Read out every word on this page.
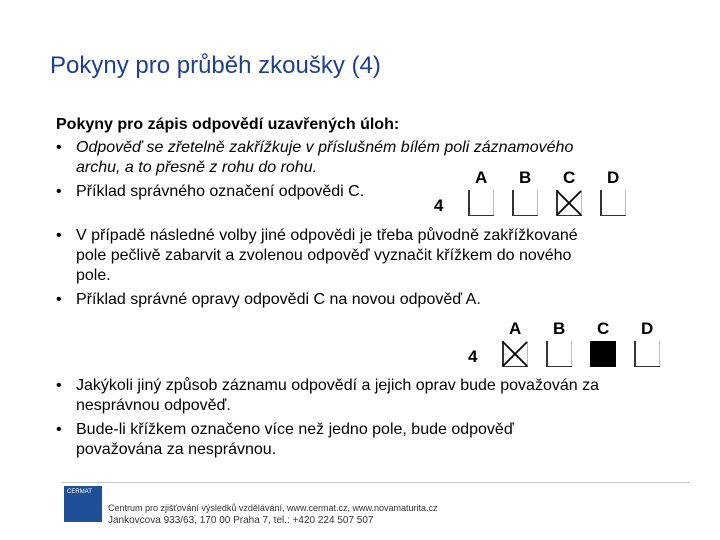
Pokyny pro průběh zkoušky (4)

Pokyny pro zápis odpovědí uzavřených úloh:

• Odpověď se zřetelně zakřížkuje v příslušném bílém poli záznamového
archu, a to přesně z rohu do rohu.
• Příklad správného označení odpovědi C.
4
A B C D
• V případě následné volby jiné odpovědi je třeba původně zakřížkované
pole pečlivě zabarvit a zvolenou odpověď vyznačit křížkem do nového
pole.
• Příklad správné opravy odpovědi C na novou odpověď A.
4
A B C D
• Jakýkoli jiný způsob záznamu odpovědí a jejich oprav bude považován za
nesprávnou odpověď.
• Bude-li křížkem označeno více než jedno pole, bude odpověď
považována za nesprávnou.
CERMAT
Centrum pro zjišťování výsledků vzdělávání, www.cermat.cz, www.novamaturita.cz
Jankovcova 933/63, 170 00 Praha 7, tel.: +420 224 507 507
